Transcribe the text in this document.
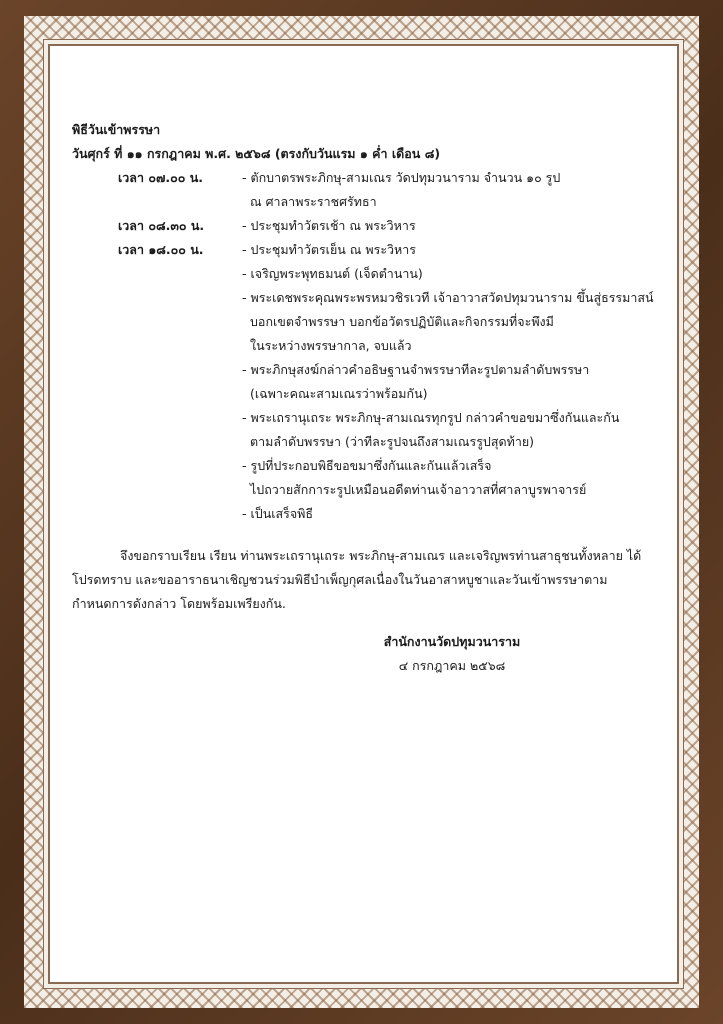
พิธีวันเข้าพรรษา
วันศุกร์ ที่ ๑๑ กรกฎาคม พ.ศ. ๒๕๖๘ (ตรงกับวันแรม ๑ ค่ำ เดือน ๘)
เวลา ๐๗.๐๐ น.	- ตักบาตรพระภิกษุ-สามเณร วัดปทุมวนาราม จำนวน ๑๐ รูป
ณ ศาลาพระราชศรัทธา
เวลา ๐๘.๓๐ น.	- ประชุมทำวัตรเช้า ณ พระวิหาร
เวลา ๑๘.๐๐ น.	- ประชุมทำวัตรเย็น ณ พระวิหาร
- เจริญพระพุทธมนต์ (เจ็ดตำนาน)
- พระเดชพระคุณพระพรหมวชิรเวที เจ้าอาวาสวัดปทุมวนาราม ขึ้นสู่ธรรมาสน์
บอกเขตจำพรรษา บอกข้อวัตรปฏิบัติและกิจกรรมที่จะพึงมี
ในระหว่างพรรษากาล, จบแล้ว
- พระภิกษุสงฆ์กล่าวคำอธิษฐานจำพรรษาทีละรูปตามลำดับพรรษา
(เฉพาะคณะสามเณรว่าพร้อมกัน)
- พระเถรานุเถระ พระภิกษุ-สามเณรทุกรูป กล่าวคำขอขมาซึ่งกันและกัน
ตามลำดับพรรษา (ว่าทีละรูปจนถึงสามเณรรูปสุดท้าย)
- รูปที่ประกอบพิธีขอขมาซึ่งกันและกันแล้วเสร็จ
ไปถวายสักการะรูปเหมือนอดีตท่านเจ้าอาวาสที่ศาลาบูรพาจารย์
- เป็นเสร็จพิธี
จึงขอกราบเรียน เรียน ท่านพระเถรานุเถระ พระภิกษุ-สามเณร และเจริญพรท่านสาธุชนทั้งหลาย ได้โปรดทราบ และขออาราธนาเชิญชวนร่วมพิธีบำเพ็ญกุศลเนื่องในวันอาสาหบูชาและวันเข้าพรรษาตาม กำหนดการดังกล่าว โดยพร้อมเพรียงกัน.
สำนักงานวัดปทุมวนาราม
๔ กรกฎาคม ๒๕๖๘
